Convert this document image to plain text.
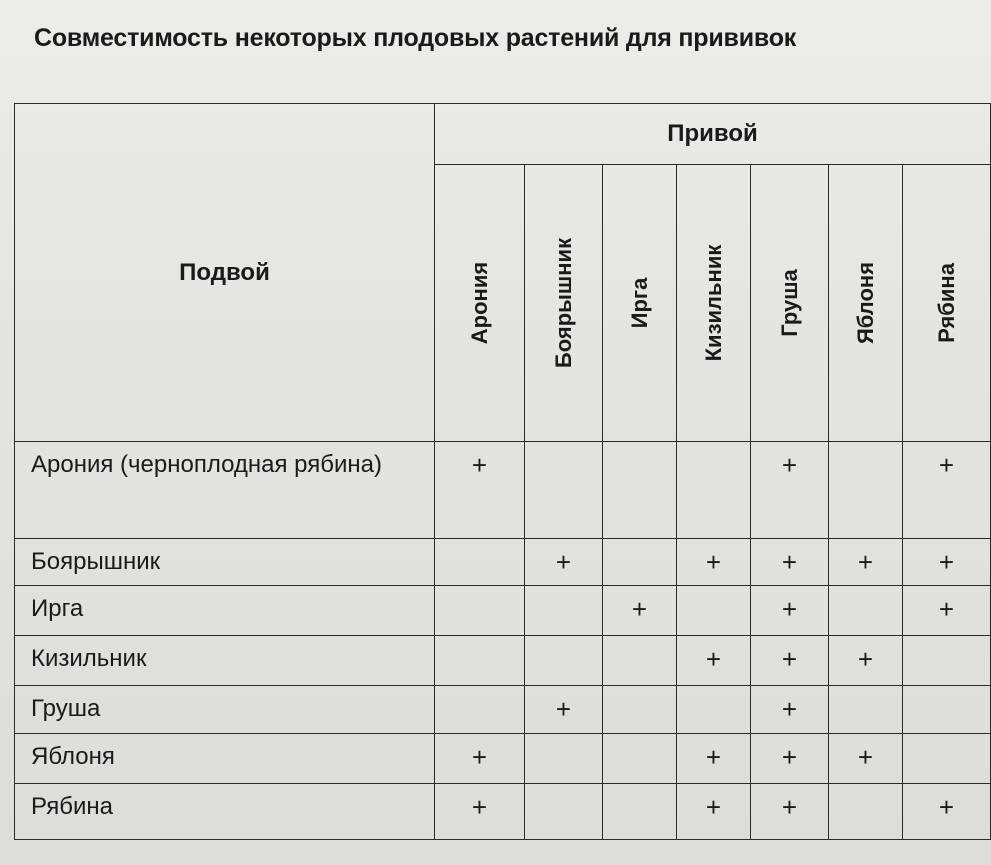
Совместимость некоторых плодовых растений для прививок
Подвой	Привой						

	Арония	Боярышник	Ирга	Кизильник	Груша	Яблоня	Рябина

Арония (черноплодная рябина)	+				+		+
Боярышник		+		+	+	+	+
Ирга			+		+		+
Кизильник				+	+	+	
Груша		+			+		
Яблоня	+			+	+	+	
Рябина	+			+	+		+
